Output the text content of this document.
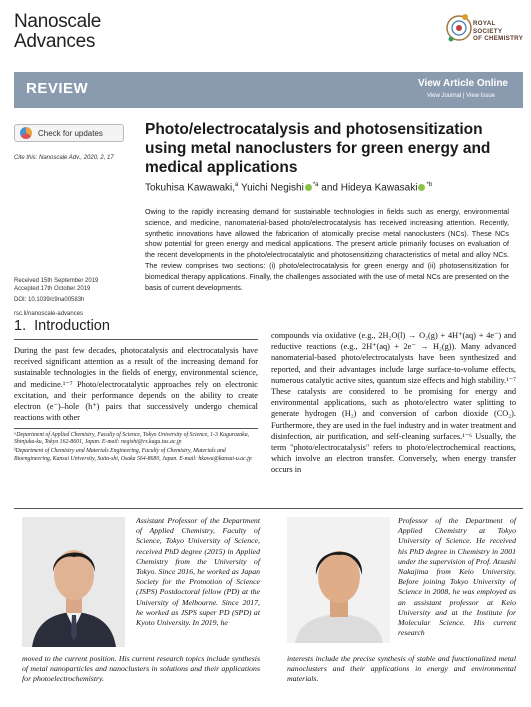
Nanoscale
Advances
ROYAL SOCIETY
OF CHEMISTRY
REVIEW	View Article Online
View Journal | View Issue
Check for updates
Cite this: Nanoscale Adv., 2020, 2, 17
Received 15th September 2019
Accepted 17th October 2019
DOI: 10.1039/c9na00583h
rsc.li/nanoscale-advances
Photo/electrocatalysis and photosensitization using metal nanoclusters for green energy and medical applications
Tokuhisa Kawawaki,$^a$ Yuichi Negishi $^{*a}$ and Hideya Kawasaki $^{*b}$
Owing to the rapidly increasing demand for sustainable technologies in fields such as energy, environmental science, and medicine, nanomaterial-based photo/electrocatalysis has received increasing attention. Recently, synthetic innovations have allowed the fabrication of atomically precise metal nanoclusters (NCs). These NCs show potential for green energy and medical applications. The present article primarily focuses on evaluation of the recent developments in the photo/electrocatalytic and photosensitizing characteristics of metal and alloy NCs. The review comprises two sections: (i) photo/electrocatalysis for green energy and (ii) photosensitization for biomedical therapy applications. Finally, the challenges associated with the use of metal NCs are presented on the basis of current developments.
1. Introduction
During the past few decades, photocatalysis and electrocatalysis have received significant attention as a result of the increasing demand for sustainable technologies in the fields of energy, environmental science, and medicine.¹⁻⁷ Photo/electrocatalytic approaches rely on electronic excitation, and their performance depends on the ability to create electron (e⁻)–hole (h⁺) pairs that successively undergo chemical reactions with other
compounds via oxidative (e.g., 2H₂O(l) → O₂(g) + 4H⁺(aq) + 4e⁻) and reductive reactions (e.g., 2H⁺(aq) + 2e⁻ → H₂(g)). Many advanced nanomaterial-based photo/electrocatalysts have been synthesized and reported, and their advantages include large surface-to-volume effects, numerous catalytic active sites, quantum size effects and high stability.¹⁻⁷ These catalysts are considered to be promising for energy and environmental applications, such as photo/electro water splitting to generate hydrogen (H₂) and conversion of carbon dioxide (CO₂). Furthermore, they are used in the fuel industry and in water treatment and disinfection, air purification, and self-cleaning surfaces.¹⁻⁶ Usually, the term "photo/electrocatalysis" refers to photo/electrochemical reactions, which involve an electron transfer. Conversely, when energy transfer occurs in
ᵃDepartment of Applied Chemistry, Faculty of Science, Tokyo University of Science, 1-3 Kagurazaka, Shinjuku-ku, Tokyo 162-8601, Japan. E-mail: negishi@rs.kagu.tus.ac.jp
ᵇDepartment of Chemistry and Materials Engineering, Faculty of Chemistry, Materials and Bioengineering, Kansai University, Suita-shi, Osaka 564-8680, Japan. E-mail: hkawa@kansai-u.ac.jp
Assistant Professor of the Department of Applied Chemistry, Faculty of Science, Tokyo University of Science, received PhD degree (2015) in Applied Chemistry from the University of Tokyo. Since 2016, he worked as Japan Society for the Promotion of Science (JSPS) Postdoctoral fellow (PD) at the University of Melbourne. Since 2017, he worked as JSPS super PD (SPD) at Kyoto University. In 2019, he
moved to the current position. His current research topics include synthesis of metal nanoparticles and nanoclusters in solutions and their applications for photoelectrochemistry.
Professor of the Department of Applied Chemistry at Tokyo University of Science. He received his PhD degree in Chemistry in 2001 under the supervision of Prof. Atsushi Nakajima from Keio University. Before joining Tokyo University of Science in 2008, he was employed as an assistant professor at Keio University and at the Institute for Molecular Science. His current research
interests include the precise synthesis of stable and functionalized metal nanoclusters and their applications in energy and environmental materials.
